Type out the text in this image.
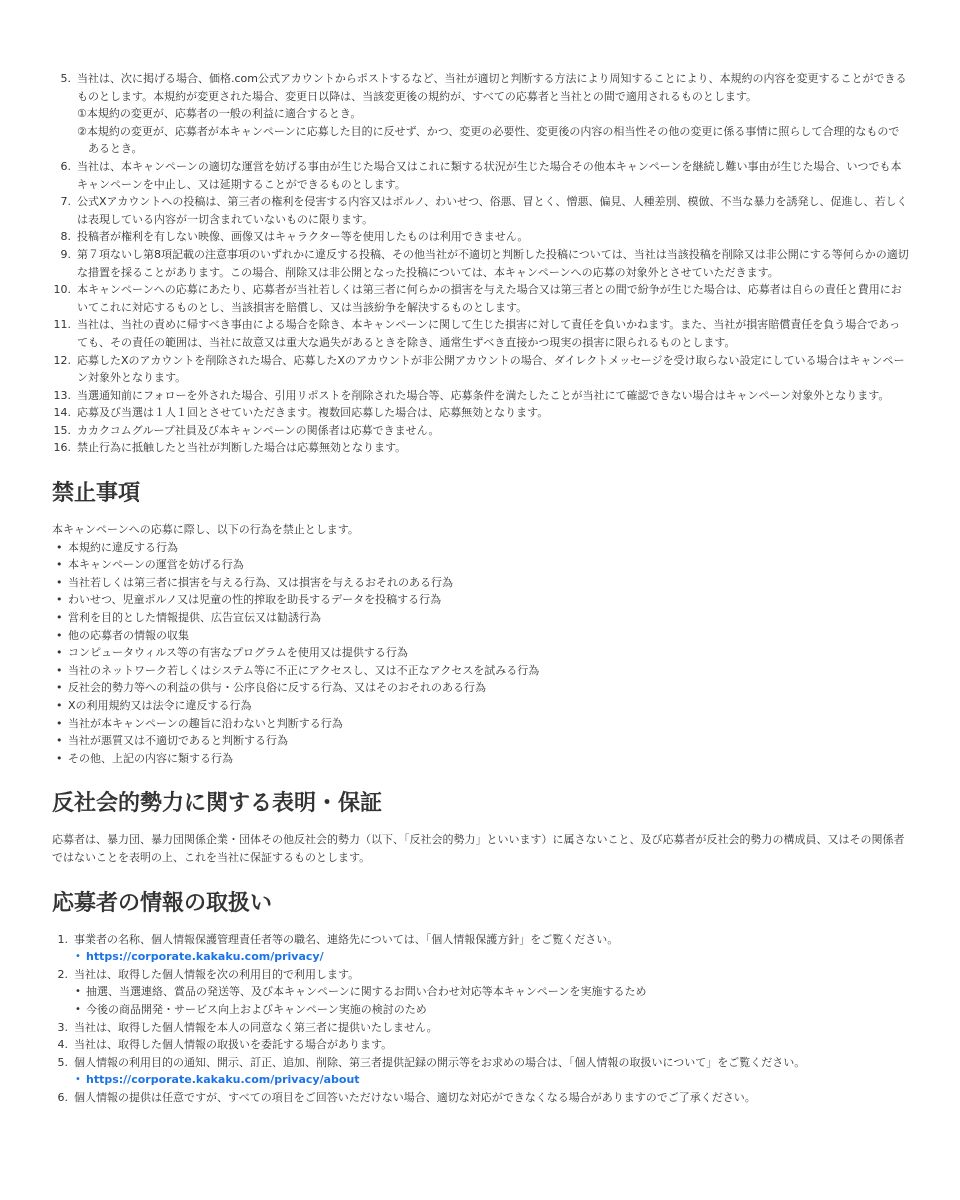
5. 当社は、次に掲げる場合、価格.com公式アカウントからポストするなど、当社が適切と判断する方法により周知することにより、本規約の内容を変更することができるものとします。本規約が変更された場合、変更日以降は、当該変更後の規約が、すべての応募者と当社との間で適用されるものとします。
①本規約の変更が、応募者の一般の利益に適合するとき。
②本規約の変更が、応募者が本キャンペーンに応募した目的に反せず、かつ、変更の必要性、変更後の内容の相当性その他の変更に係る事情に照らして合理的なものであるとき。
6. 当社は、本キャンペーンの適切な運営を妨げる事由が生じた場合又はこれに類する状況が生じた場合その他本キャンペーンを継続し難い事由が生じた場合、いつでも本キャンペーンを中止し、又は延期することができるものとします。
7. 公式Xアカウントへの投稿は、第三者の権利を侵害する内容又はポルノ、わいせつ、俗悪、冒とく、憎悪、偏見、人種差別、模倣、不当な暴力を誘発し、促進し、若しくは表現している内容が一切含まれていないものに限ります。
8. 投稿者が権利を有しない映像、画像又はキャラクター等を使用したものは利用できません。
9. 第７項ないし第8項記載の注意事項のいずれかに違反する投稿、その他当社が不適切と判断した投稿については、当社は当該投稿を削除又は非公開にする等何らかの適切な措置を採ることがあります。この場合、削除又は非公開となった投稿については、本キャンペーンへの応募の対象外とさせていただきます。
10. 本キャンペーンへの応募にあたり、応募者が当社若しくは第三者に何らかの損害を与えた場合又は第三者との間で紛争が生じた場合は、応募者は自らの責任と費用においてこれに対応するものとし、当該損害を賠償し、又は当該紛争を解決するものとします。
11. 当社は、当社の責めに帰すべき事由による場合を除き、本キャンペーンに関して生じた損害に対して責任を負いかねます。また、当社が損害賠償責任を負う場合であっても、その責任の範囲は、当社に故意又は重大な過失があるときを除き、通常生ずべき直接かつ現実の損害に限られるものとします。
12. 応募したXのアカウントを削除された場合、応募したXのアカウントが非公開アカウントの場合、ダイレクトメッセージを受け取らない設定にしている場合はキャンペーン対象外となります。
13. 当選通知前にフォローを外された場合、引用リポストを削除された場合等、応募条件を満たしたことが当社にて確認できない場合はキャンペーン対象外となります。
14. 応募及び当選は１人１回とさせていただきます。複数回応募した場合は、応募無効となります。
15. カカクコムグループ社員及び本キャンペーンの関係者は応募できません。
16. 禁止行為に抵触したと当社が判断した場合は応募無効となります。
禁止事項

本キャンペーンへの応募に際し、以下の行為を禁止とします。

• 本規約に違反する行為
• 本キャンペーンの運営を妨げる行為
• 当社若しくは第三者に損害を与える行為、又は損害を与えるおそれのある行為
• わいせつ、児童ポルノ又は児童の性的搾取を助長するデータを投稿する行為
• 営利を目的とした情報提供、広告宣伝又は勧誘行為
• 他の応募者の情報の収集
• コンピュータウィルス等の有害なプログラムを使用又は提供する行為
• 当社のネットワーク若しくはシステム等に不正にアクセスし、又は不正なアクセスを試みる行為
• 反社会的勢力等への利益の供与・公序良俗に反する行為、又はそのおそれのある行為
• Xの利用規約又は法令に違反する行為
• 当社が本キャンペーンの趣旨に沿わないと判断する行為
• 当社が悪質又は不適切であると判断する行為
• その他、上記の内容に類する行為
反社会的勢力に関する表明・保証

応募者は、暴力団、暴力団関係企業・団体その他反社会的勢力（以下、「反社会的勢力」といいます）に属さないこと、及び応募者が反社会的勢力の構成員、又はその関係者ではないことを表明の上、これを当社に保証するものとします。

応募者の情報の取扱い
1. 事業者の名称、個人情報保護管理責任者等の職名、連絡先については、「個人情報保護方針」をご覧ください。
• https://corporate.kakaku.com/privacy/
2. 当社は、取得した個人情報を次の利用目的で利用します。
• 抽選、当選連絡、賞品の発送等、及び本キャンペーンに関するお問い合わせ対応等本キャンペーンを実施するため
• 今後の商品開発・サービス向上およびキャンペーン実施の検討のため
3. 当社は、取得した個人情報を本人の同意なく第三者に提供いたしません。
4. 当社は、取得した個人情報の取扱いを委託する場合があります。
5. 個人情報の利用目的の通知、開示、訂正、追加、削除、第三者提供記録の開示等をお求めの場合は、「個人情報の取扱いについて」をご覧ください。
• https://corporate.kakaku.com/privacy/about
6. 個人情報の提供は任意ですが、すべての項目をご回答いただけない場合、適切な対応ができなくなる場合がありますのでご了承ください。
